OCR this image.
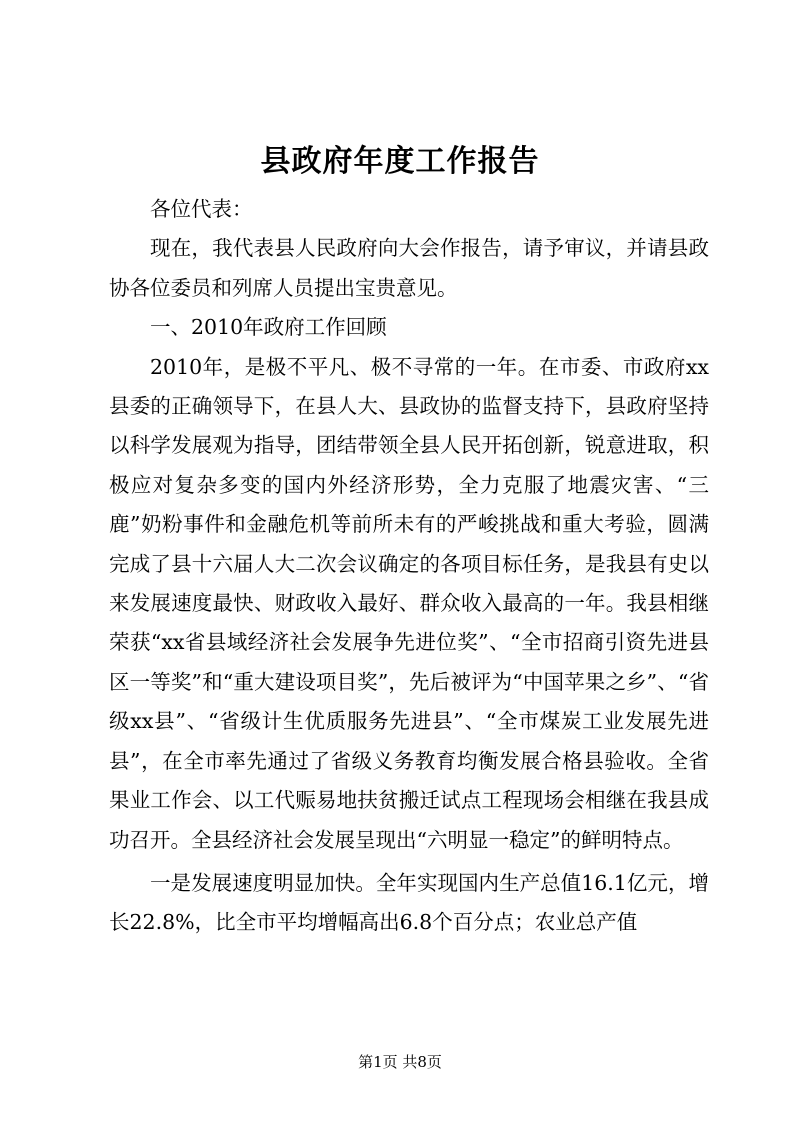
县政府年度工作报告

各位代表：

现在，我代表县人民政府向大会作报告，请予审议，并请县政协各位委员和列席人员提出宝贵意见。

一、2010年政府工作回顾

2010年，是极不平凡、极不寻常的一年。在市委、市政府xx县委的正确领导下，在县人大、县政协的监督支持下，县政府坚持以科学发展观为指导，团结带领全县人民开拓创新，锐意进取，积极应对复杂多变的国内外经济形势，全力克服了地震灾害、“三鹿”奶粉事件和金融危机等前所未有的严峻挑战和重大考验，圆满完成了县十六届人大二次会议确定的各项目标任务，是我县有史以来发展速度最快、财政收入最好、群众收入最高的一年。我县相继荣获“xx省县域经济社会发展争先进位奖”、“全市招商引资先进县区一等奖”和“重大建设项目奖”，先后被评为“中国苹果之乡”、“省级xx县”、“省级计生优质服务先进县”、“全市煤炭工业发展先进县”，在全市率先通过了省级义务教育均衡发展合格县验收。全省果业工作会、以工代赈易地扶贫搬迁试点工程现场会相继在我县成功召开。全县经济社会发展呈现出“六明显一稳定”的鲜明特点。

一是发展速度明显加快。全年实现国内生产总值16.1亿元，增长22.8%，比全市平均增幅高出6.8个百分点；农业总产值

第1页 共8页
